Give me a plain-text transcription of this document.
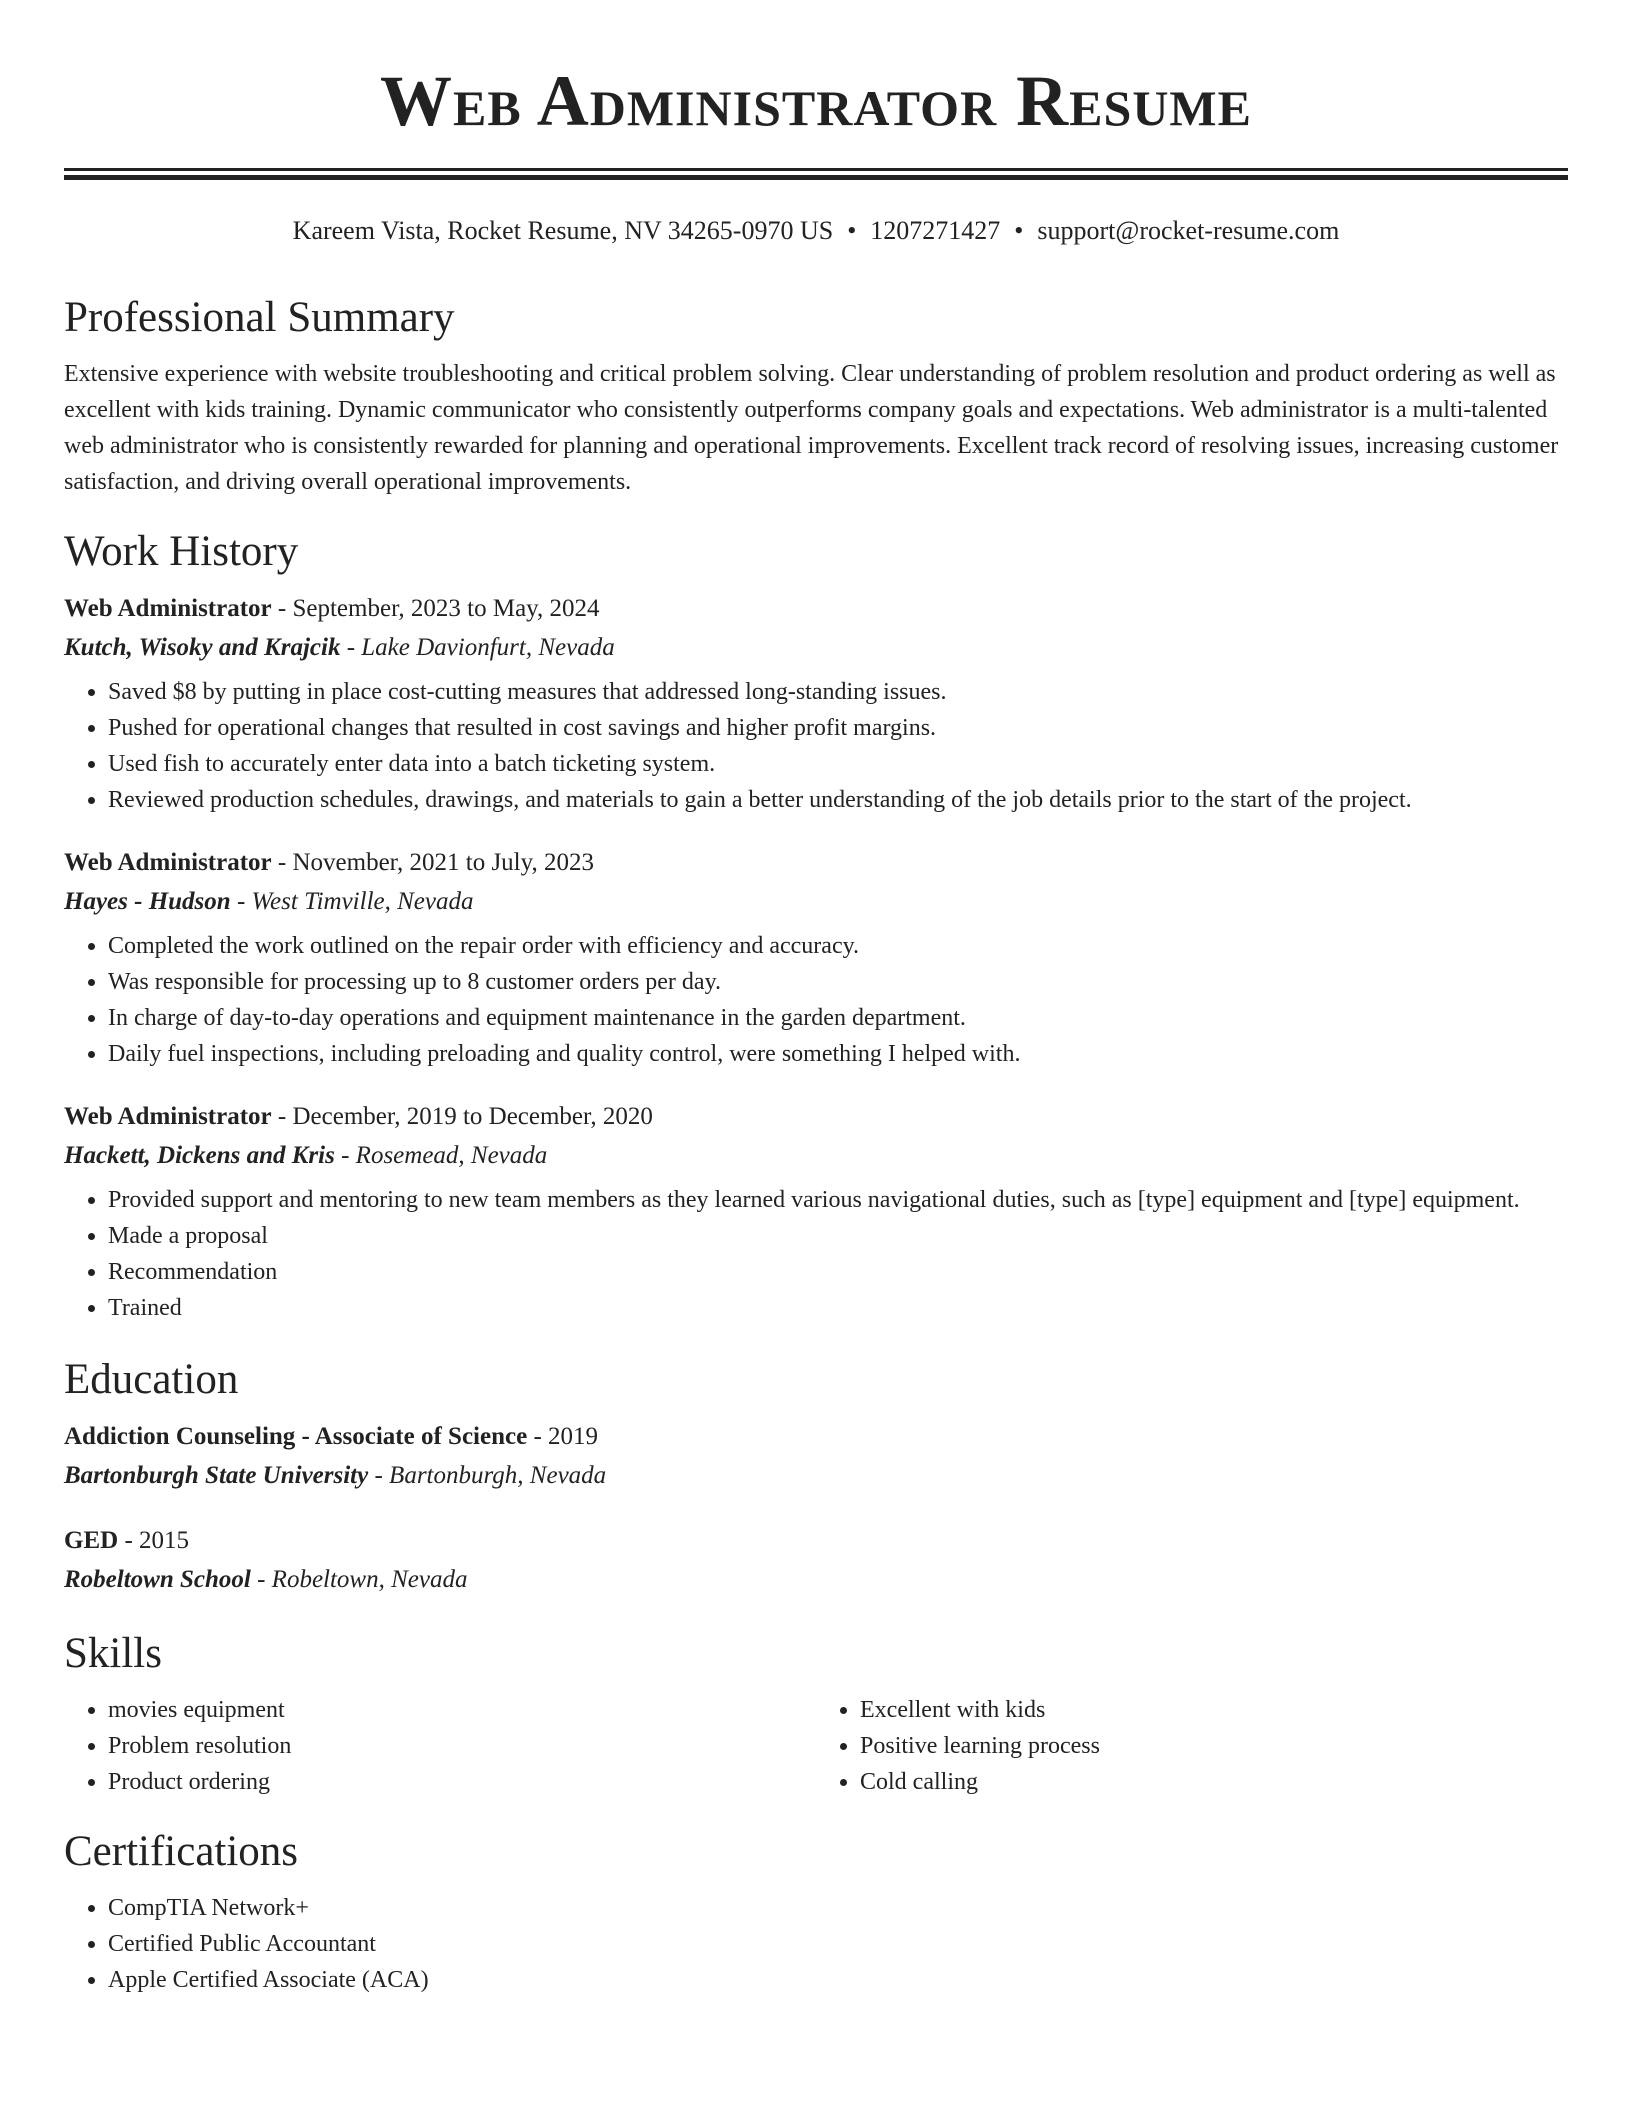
Web Administrator Resume
Kareem Vista, Rocket Resume, NV 34265-0970 US • 1207271427 • support@rocket-resume.com
Professional Summary

Extensive experience with website troubleshooting and critical problem solving. Clear understanding of problem resolution and product ordering as well as excellent with kids training. Dynamic communicator who consistently outperforms company goals and expectations. Web administrator is a multi-talented web administrator who is consistently rewarded for planning and operational improvements. Excellent track record of resolving issues, increasing customer satisfaction, and driving overall operational improvements.

Work History
Web Administrator - September, 2023 to May, 2024
Kutch, Wisoky and Krajcik - Lake Davionfurt, Nevada
• Saved $8 by putting in place cost-cutting measures that addressed long-standing issues.
• Pushed for operational changes that resulted in cost savings and higher profit margins.
• Used fish to accurately enter data into a batch ticketing system.
• Reviewed production schedules, drawings, and materials to gain a better understanding of the job details prior to the start of the project.
Web Administrator - November, 2021 to July, 2023
Hayes - Hudson - West Timville, Nevada
• Completed the work outlined on the repair order with efficiency and accuracy.
• Was responsible for processing up to 8 customer orders per day.
• In charge of day-to-day operations and equipment maintenance in the garden department.
• Daily fuel inspections, including preloading and quality control, were something I helped with.
Web Administrator - December, 2019 to December, 2020
Hackett, Dickens and Kris - Rosemead, Nevada
• Provided support and mentoring to new team members as they learned various navigational duties, such as [type] equipment and [type] equipment.
• Made a proposal
• Recommendation
• Trained
Education
Addiction Counseling - Associate of Science - 2019
Bartonburgh State University - Bartonburgh, Nevada
GED - 2015
Robeltown School - Robeltown, Nevada
Skills
• movies equipment
• Problem resolution
• Product ordering
• Excellent with kids
• Positive learning process
• Cold calling
Certifications
• CompTIA Network+
• Certified Public Accountant
• Apple Certified Associate (ACA)
